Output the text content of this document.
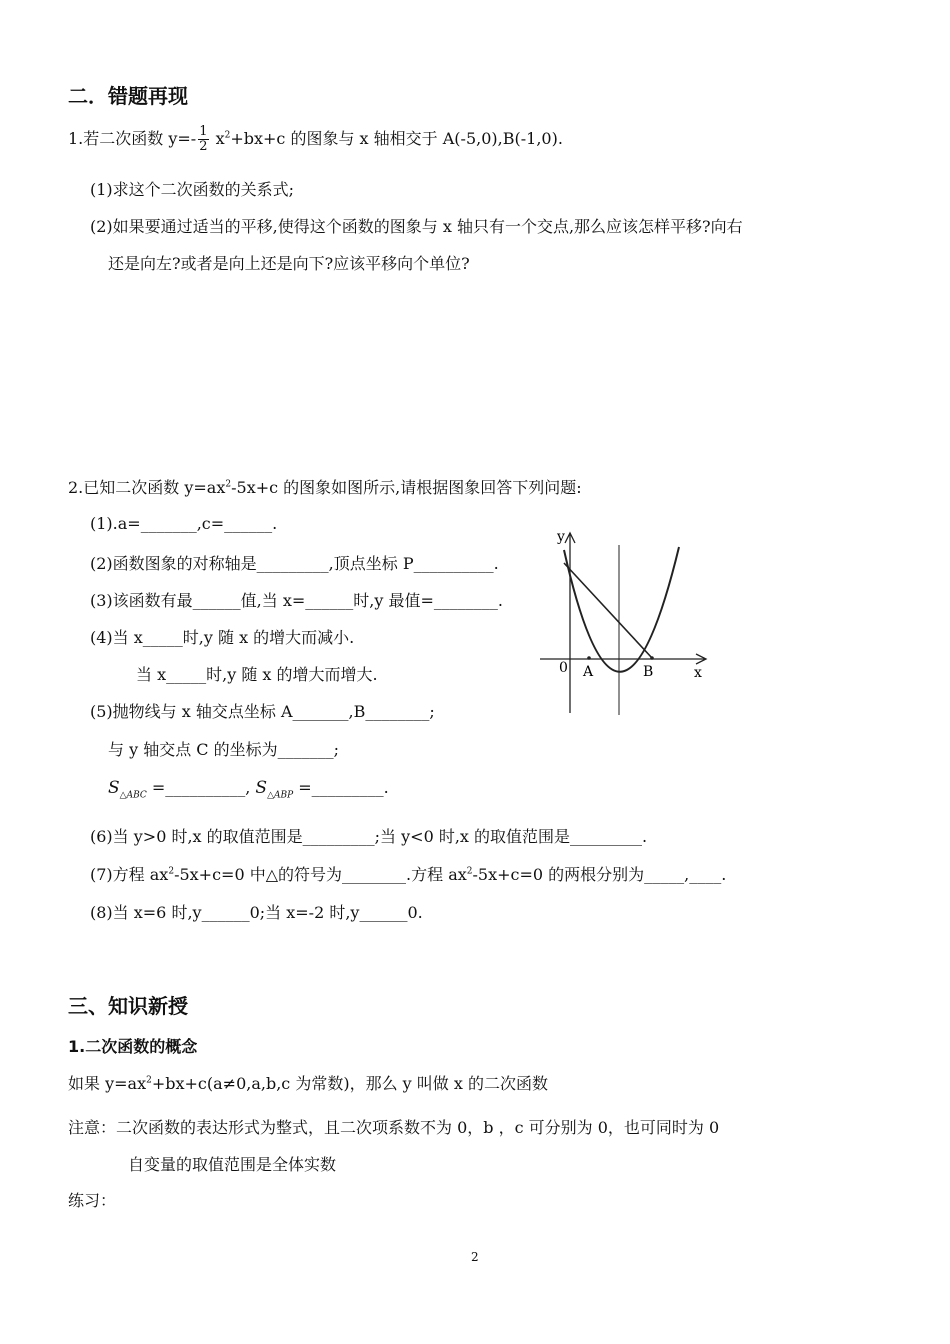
二．错题再现
1.若二次函数 $y=- \frac{1}{2} x^2+bx+c$ 的图象与 x 轴相交于 A(-5,0),B(-1,0).
(1)求这个二次函数的关系式;
(2)如果要通过适当的平移,使得这个函数的图象与 x 轴只有一个交点,那么应该怎样平移?向右
还是向左?或者是向上还是向下?应该平移向个单位?
2.已知二次函数 $y=ax^2-5x+c$ 的图象如图所示,请根据图象回答下列问题:
(1).a=_______,c=______.
(2)函数图象的对称轴是_________,顶点坐标 P__________.
(3)该函数有最______值,当 x=______时,y 最值=________.
(4)当 x_____时,y 随 x 的增大而减小.
当 x_____时,y 随 x 的增大而增大.
(5)抛物线与 x 轴交点坐标 A_______,B________;
与 y 轴交点 C 的坐标为_______;
$S_{\triangle ABC}$ =__________, $S_{\triangle ABP}$ =_________.
(6)当 y>0 时,x 的取值范围是_________;当 y<0 时,x 的取值范围是_________.
(7)方程 $ax^2-5x+c=0$ 中△的符号为________.方程 $ax^2-5x+c=0$ 的两根分别为_____,____.
(8)当 x=6 时,y______0;当 x=-2 时,y______0.
y
x
0 A	B
三、知识新授
1.二次函数的概念
如果 $y=ax^2+bx+c(a\ne 0,a,b,c$ 为常数)，那么 y 叫做 x 的二次函数
注意：二次函数的表达形式为整式，且二次项系数不为 0，b ，c 可分别为 0，也可同时为 0
自变量的取值范围是全体实数
练习：
2
